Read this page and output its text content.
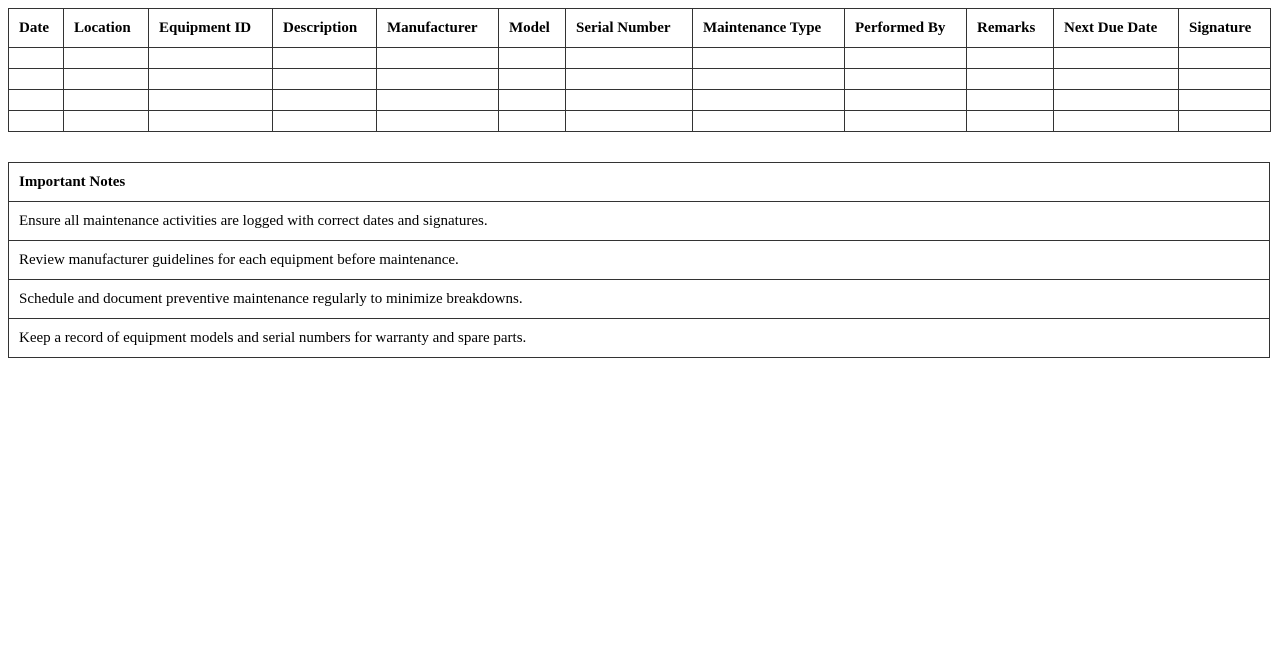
Date	Location	Equipment ID	Description	Manufacturer	Model	Serial Number	Maintenance Type	Performed By	Remarks	Next Due Date	Signature

Important Notes
Ensure all maintenance activities are logged with correct dates and signatures.
Review manufacturer guidelines for each equipment before maintenance.
Schedule and document preventive maintenance regularly to minimize breakdowns.
Keep a record of equipment models and serial numbers for warranty and spare parts.
